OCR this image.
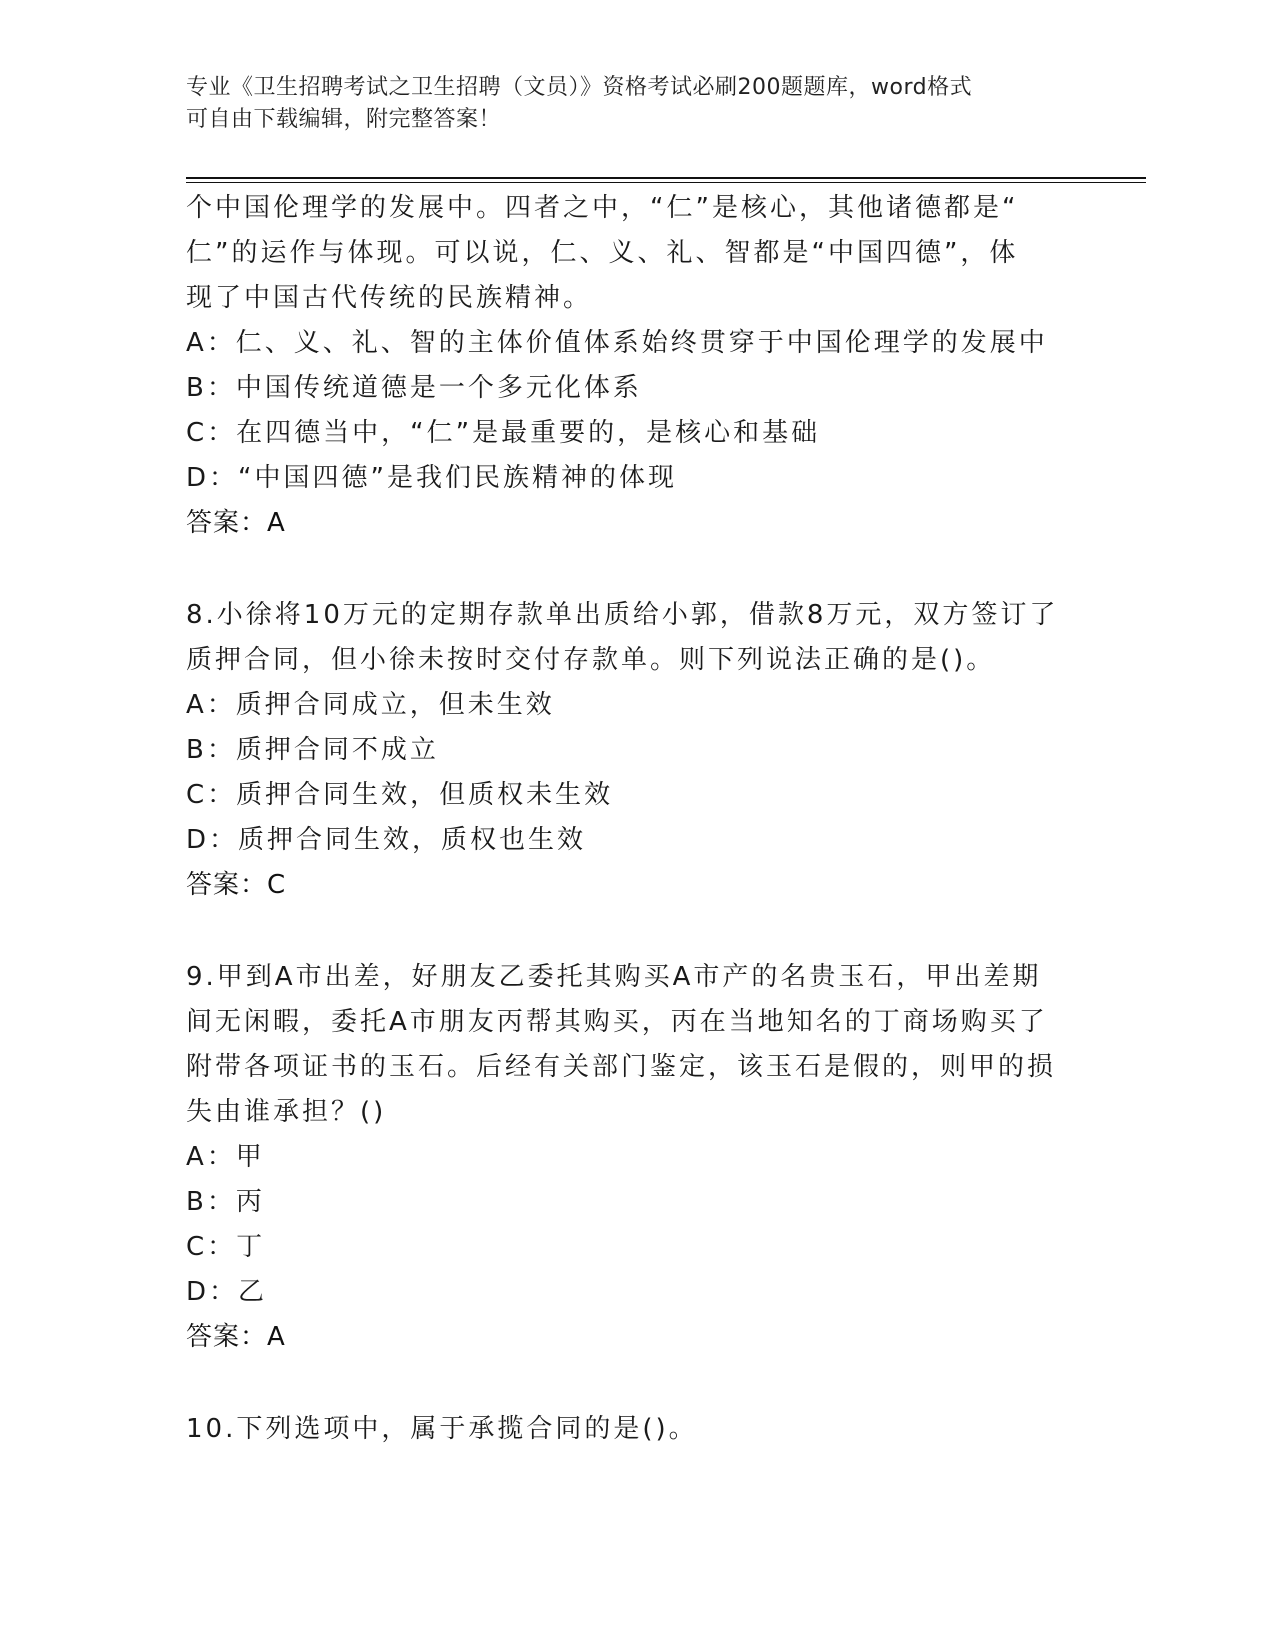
专业《卫生招聘考试之卫生招聘（文员）》资格考试必刷200题题库，word格式
可自由下载编辑，附完整答案！
个中国伦理学的发展中。四者之中，“仁”是核心，其他诸德都是“
仁”的运作与体现。可以说，仁、义、礼、智都是“中国四德”，体
现了中国古代传统的民族精神。
A：仁、义、礼、智的主体价值体系始终贯穿于中国伦理学的发展中
B：中国传统道德是一个多元化体系
C：在四德当中，“仁”是最重要的，是核心和基础
D：“中国四德”是我们民族精神的体现
答案：A
8.小徐将10万元的定期存款单出质给小郭，借款8万元，双方签订了
质押合同，但小徐未按时交付存款单。则下列说法正确的是()。
A：质押合同成立，但未生效
B：质押合同不成立
C：质押合同生效，但质权未生效
D：质押合同生效，质权也生效
答案：C
9.甲到A市出差，好朋友乙委托其购买A市产的名贵玉石，甲出差期
间无闲暇，委托A市朋友丙帮其购买，丙在当地知名的丁商场购买了
附带各项证书的玉石。后经有关部门鉴定，该玉石是假的，则甲的损
失由谁承担？()
A：甲
B：丙
C：丁
D：乙
答案：A
10.下列选项中，属于承揽合同的是()。
